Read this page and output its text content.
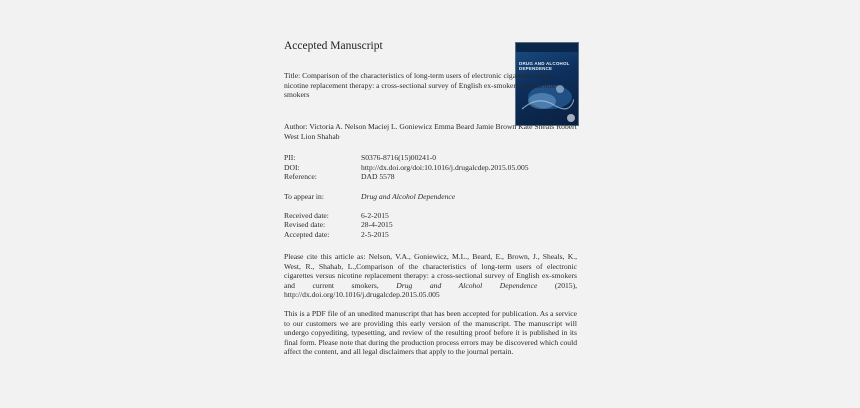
Accepted Manuscript
DRUG AND ALCOHOL DEPENDENCE
Title: Comparison of the characteristics of long-term users of electronic cigarettes versus nicotine replacement therapy: a cross-sectional survey of English ex-smokers and current smokers
Author: Victoria A. Nelson Maciej L. Goniewicz Emma Beard Jamie Brown Kate Sheals Robert West Lion Shahab
PII:	S0376-8716(15)00241-0
DOI:	http://dx.doi.org/doi:10.1016/j.drugalcdep.2015.05.005
Reference:	DAD 5578
To appear in:	Drug and Alcohol Dependence
Received date:	6-2-2015
Revised date:	28-4-2015
Accepted date:	2-5-2015
Please cite this article as: Nelson, V.A., Goniewicz, M.L., Beard, E., Brown, J., Sheals, K., West, R., Shahab, L.,Comparison of the characteristics of long-term users of electronic cigarettes versus nicotine replacement therapy: a cross-sectional survey of English ex-smokers and current smokers, Drug and Alcohol Dependence (2015), http://dx.doi.org/10.1016/j.drugalcdep.2015.05.005
This is a PDF file of an unedited manuscript that has been accepted for publication. As a service to our customers we are providing this early version of the manuscript. The manuscript will undergo copyediting, typesetting, and review of the resulting proof before it is published in its final form. Please note that during the production process errors may be discovered which could affect the content, and all legal disclaimers that apply to the journal pertain.
